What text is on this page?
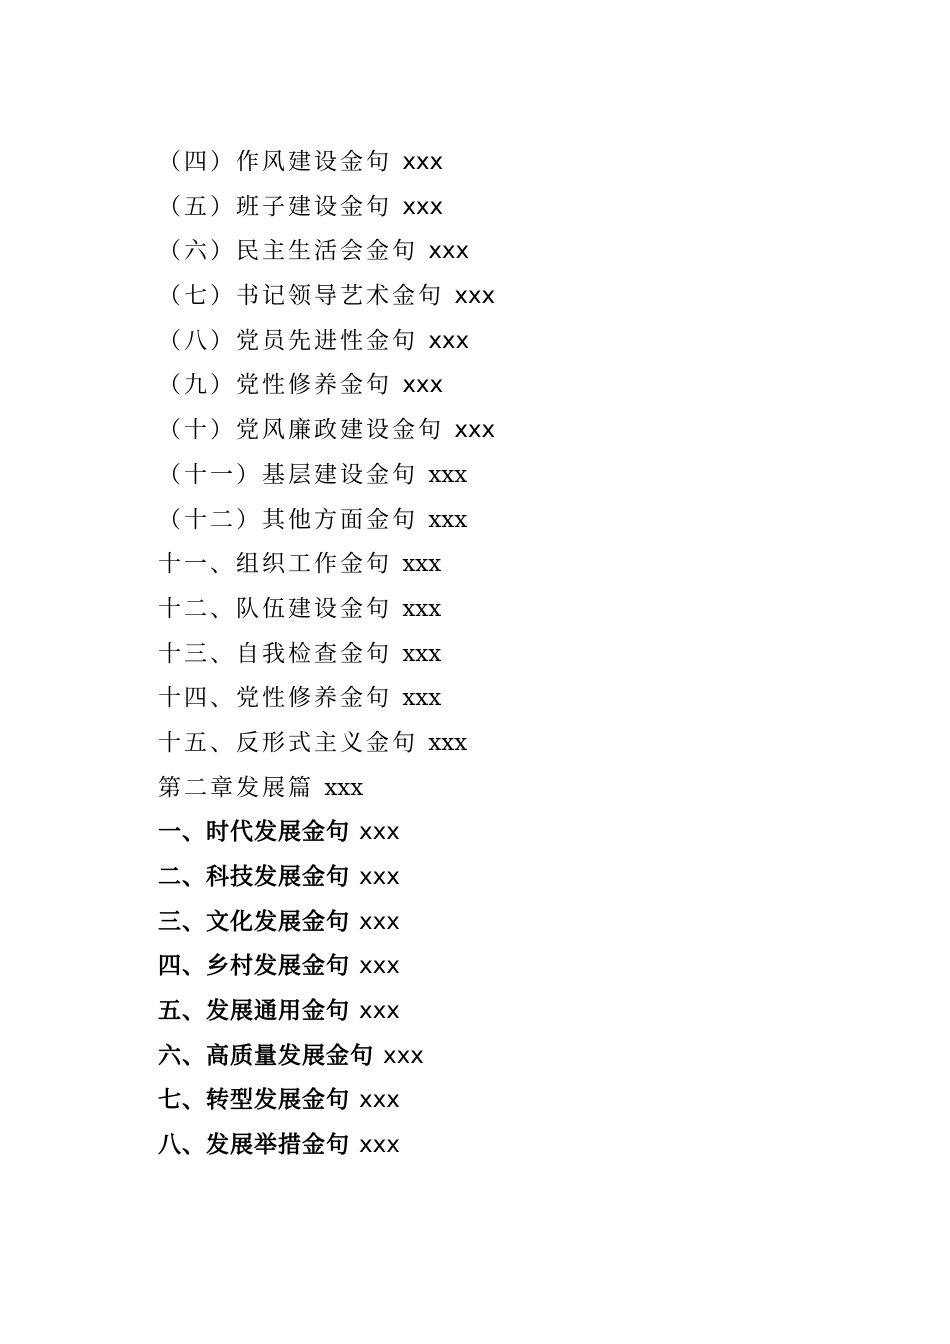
（四）作风建设金句 xxx
（五）班子建设金句 xxx
（六）民主生活会金句 xxx
（七）书记领导艺术金句 xxx
（八）党员先进性金句 xxx
（九）党性修养金句 xxx
（十）党风廉政建设金句 xxx
（十一）基层建设金句 xxx
（十二）其他方面金句 xxx
十一、组织工作金句 xxx
十二、队伍建设金句 xxx
十三、自我检查金句 xxx
十四、党性修养金句 xxx
十五、反形式主义金句 xxx
第二章发展篇 xxx
一、时代发展金句 xxx
二、科技发展金句 xxx
三、文化发展金句 xxx
四、乡村发展金句 xxx
五、发展通用金句 xxx
六、高质量发展金句 xxx
七、转型发展金句 xxx
八、发展举措金句 xxx
